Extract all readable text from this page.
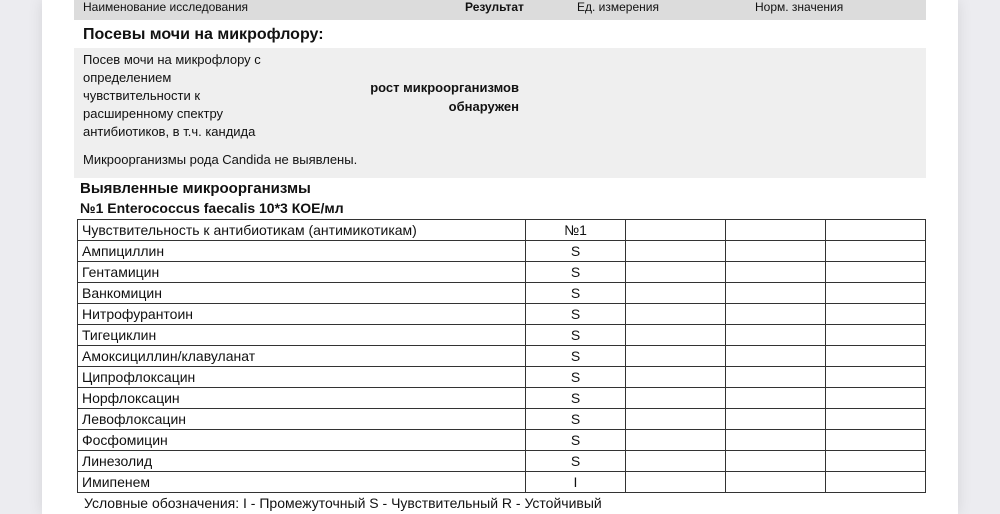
Наименование исследования	Результат	Ед. измерения	Норм. значения
Посевы мочи на микрофлору:
Посев мочи на микрофлору с
определением
чувствительности к
расширенному спектру
антибиотиков, в т.ч. кандида
рост микроорганизмов
обнаружен
Микроорганизмы рода Candida не выявлены.
Выявленные микроорганизмы
№1 Enterococcus faecalis 10*3 КОЕ/мл
Чувствительность к антибиотикам (антимикотикам)	№1			
Ампициллин	S			
Гентамицин	S			
Ванкомицин	S			
Нитрофурантоин	S			
Тигециклин	S			
Амоксициллин/клавуланат	S			
Ципрофлоксацин	S			
Норфлоксацин	S			
Левофлоксацин	S			
Фосфомицин	S			
Линезолид	S			
Имипенем	I			
Условные обозначения: I - Промежуточный S - Чувствительный R - Устойчивый
